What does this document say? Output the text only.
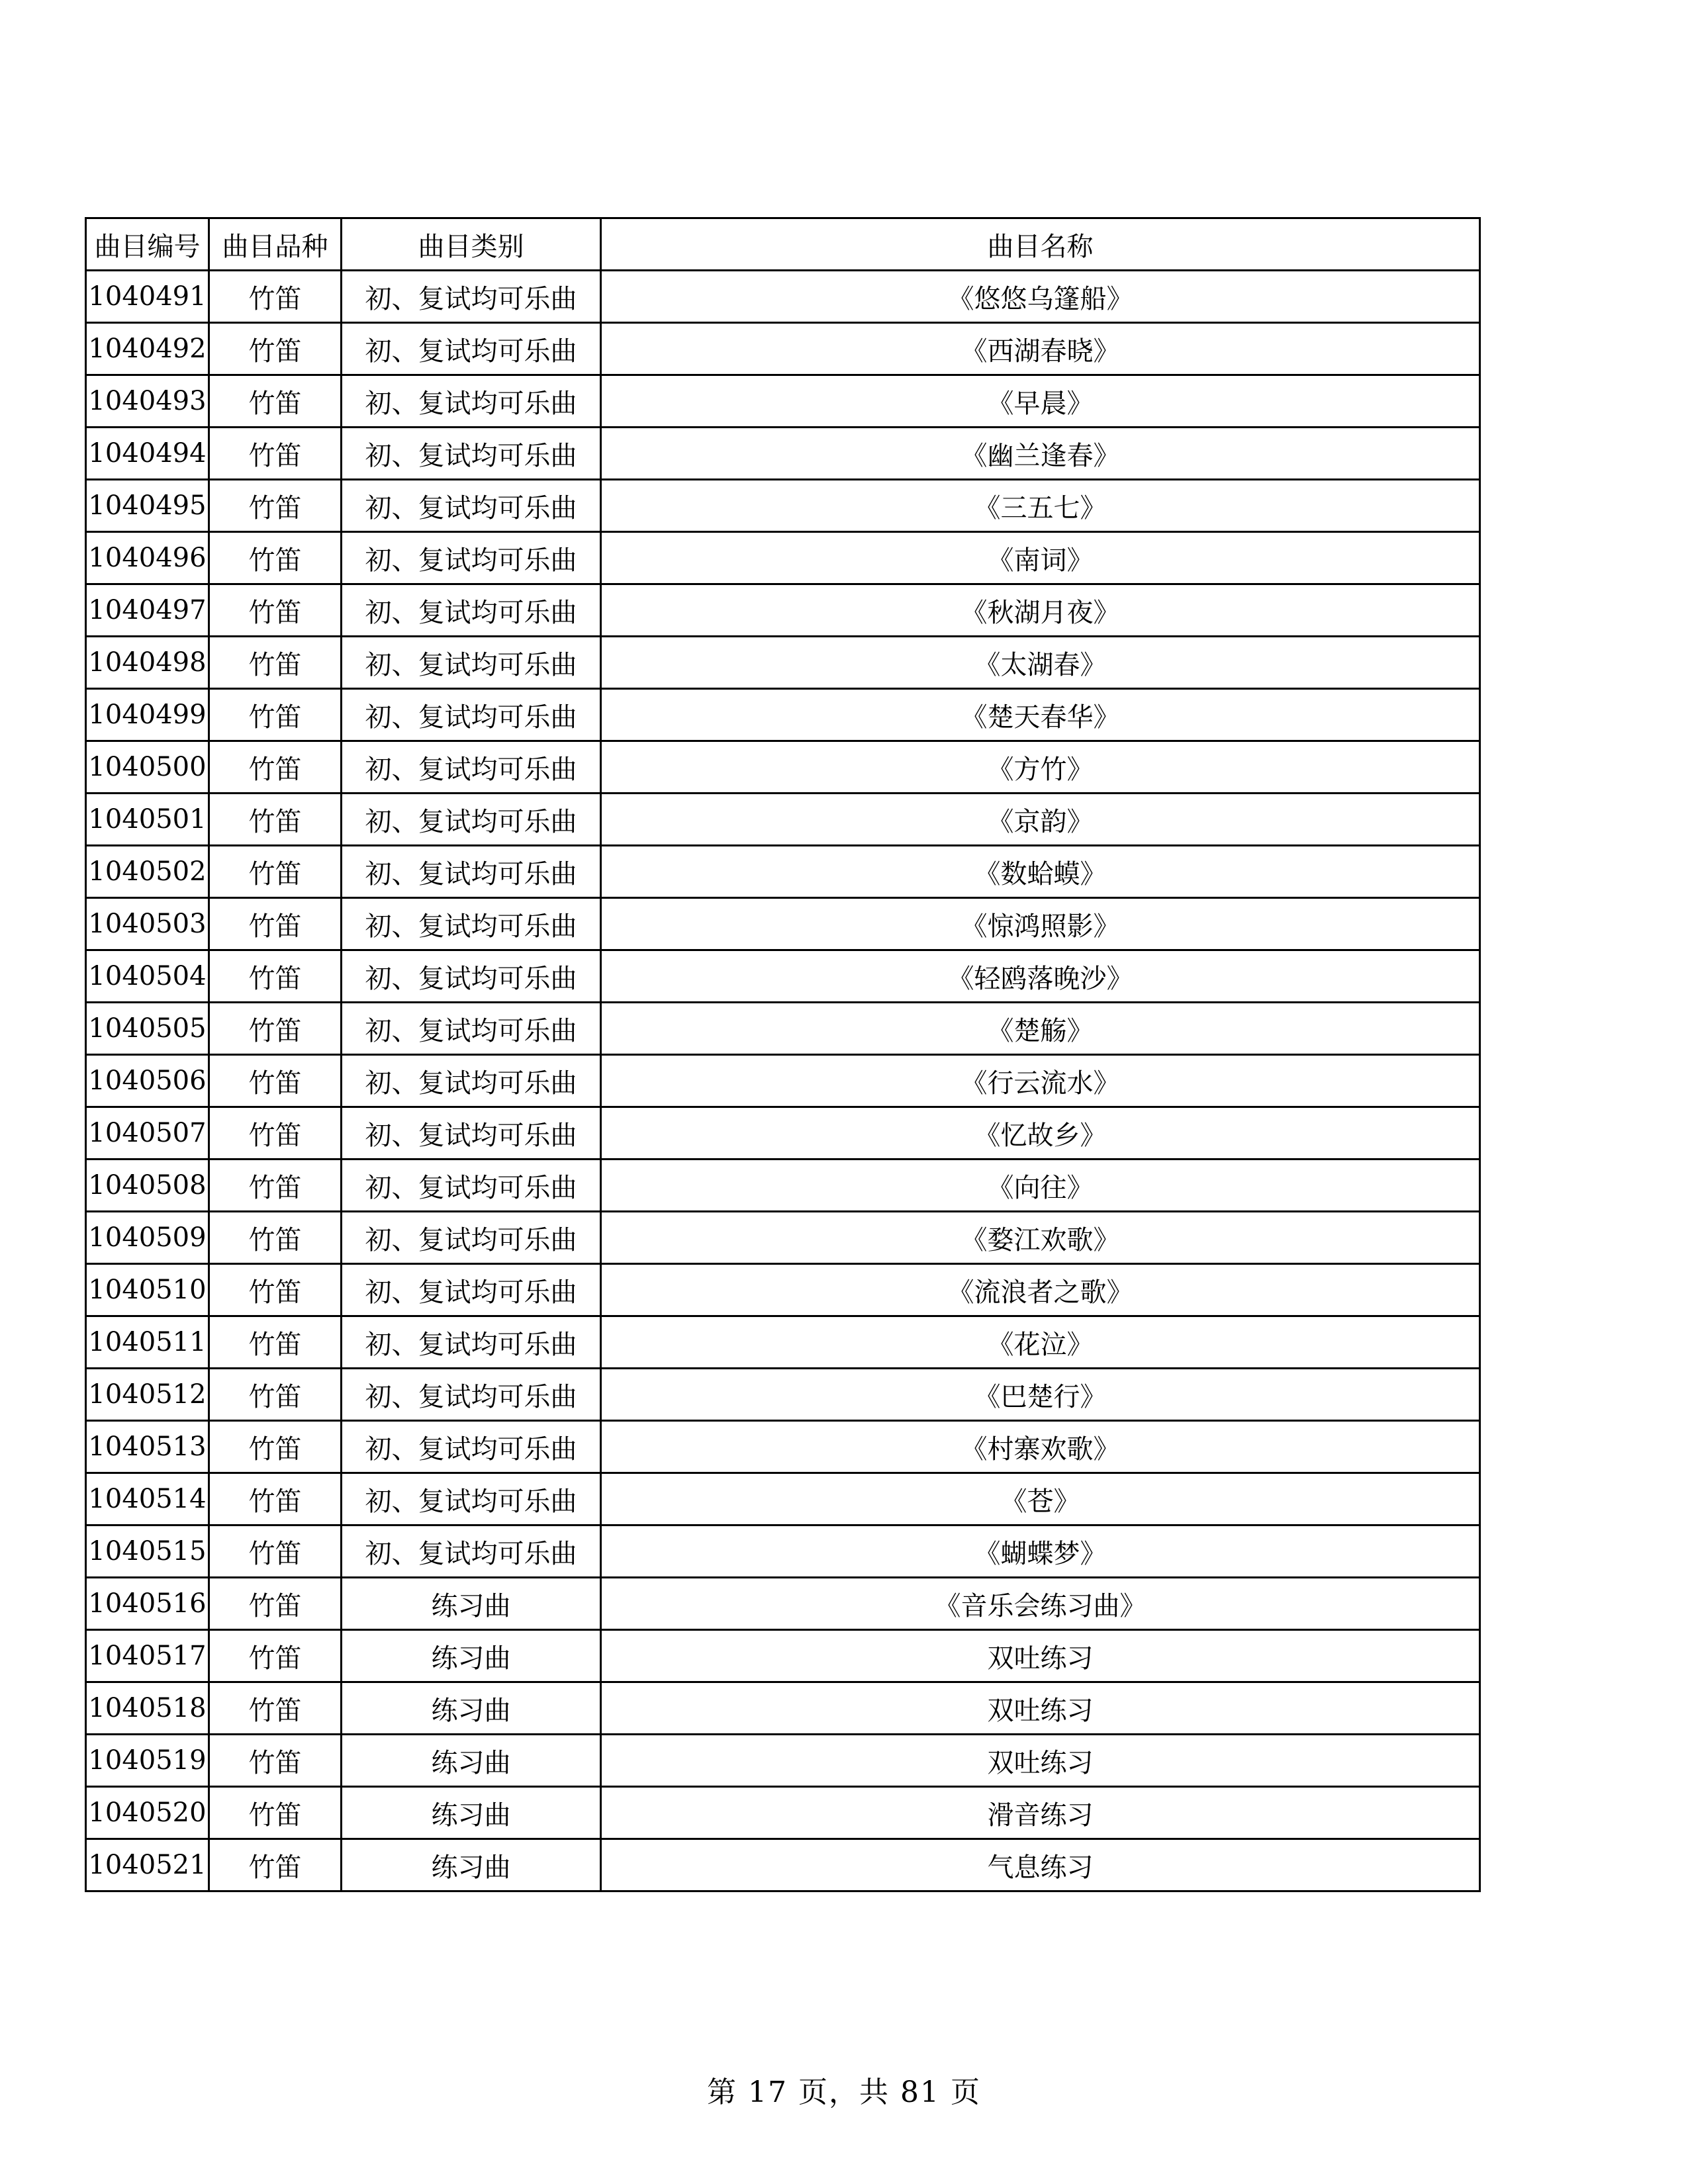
曲目编号	曲目品种	曲目类别	曲目名称
1040491	竹笛	初、复试均可乐曲	《悠悠乌篷船》
1040492	竹笛	初、复试均可乐曲	《西湖春晓》
1040493	竹笛	初、复试均可乐曲	《早晨》
1040494	竹笛	初、复试均可乐曲	《幽兰逢春》
1040495	竹笛	初、复试均可乐曲	《三五七》
1040496	竹笛	初、复试均可乐曲	《南词》
1040497	竹笛	初、复试均可乐曲	《秋湖月夜》
1040498	竹笛	初、复试均可乐曲	《太湖春》
1040499	竹笛	初、复试均可乐曲	《楚天春华》
1040500	竹笛	初、复试均可乐曲	《方竹》
1040501	竹笛	初、复试均可乐曲	《京韵》
1040502	竹笛	初、复试均可乐曲	《数蛤蟆》
1040503	竹笛	初、复试均可乐曲	《惊鸿照影》
1040504	竹笛	初、复试均可乐曲	《轻鸥落晚沙》
1040505	竹笛	初、复试均可乐曲	《楚觞》
1040506	竹笛	初、复试均可乐曲	《行云流水》
1040507	竹笛	初、复试均可乐曲	《忆故乡》
1040508	竹笛	初、复试均可乐曲	《向往》
1040509	竹笛	初、复试均可乐曲	《婺江欢歌》
1040510	竹笛	初、复试均可乐曲	《流浪者之歌》
1040511	竹笛	初、复试均可乐曲	《花泣》
1040512	竹笛	初、复试均可乐曲	《巴楚行》
1040513	竹笛	初、复试均可乐曲	《村寨欢歌》
1040514	竹笛	初、复试均可乐曲	《苍》
1040515	竹笛	初、复试均可乐曲	《蝴蝶梦》
1040516	竹笛	练习曲	《音乐会练习曲》
1040517	竹笛	练习曲	双吐练习
1040518	竹笛	练习曲	双吐练习
1040519	竹笛	练习曲	双吐练习
1040520	竹笛	练习曲	滑音练习
1040521	竹笛	练习曲	气息练习
第 17 页，共 81 页
